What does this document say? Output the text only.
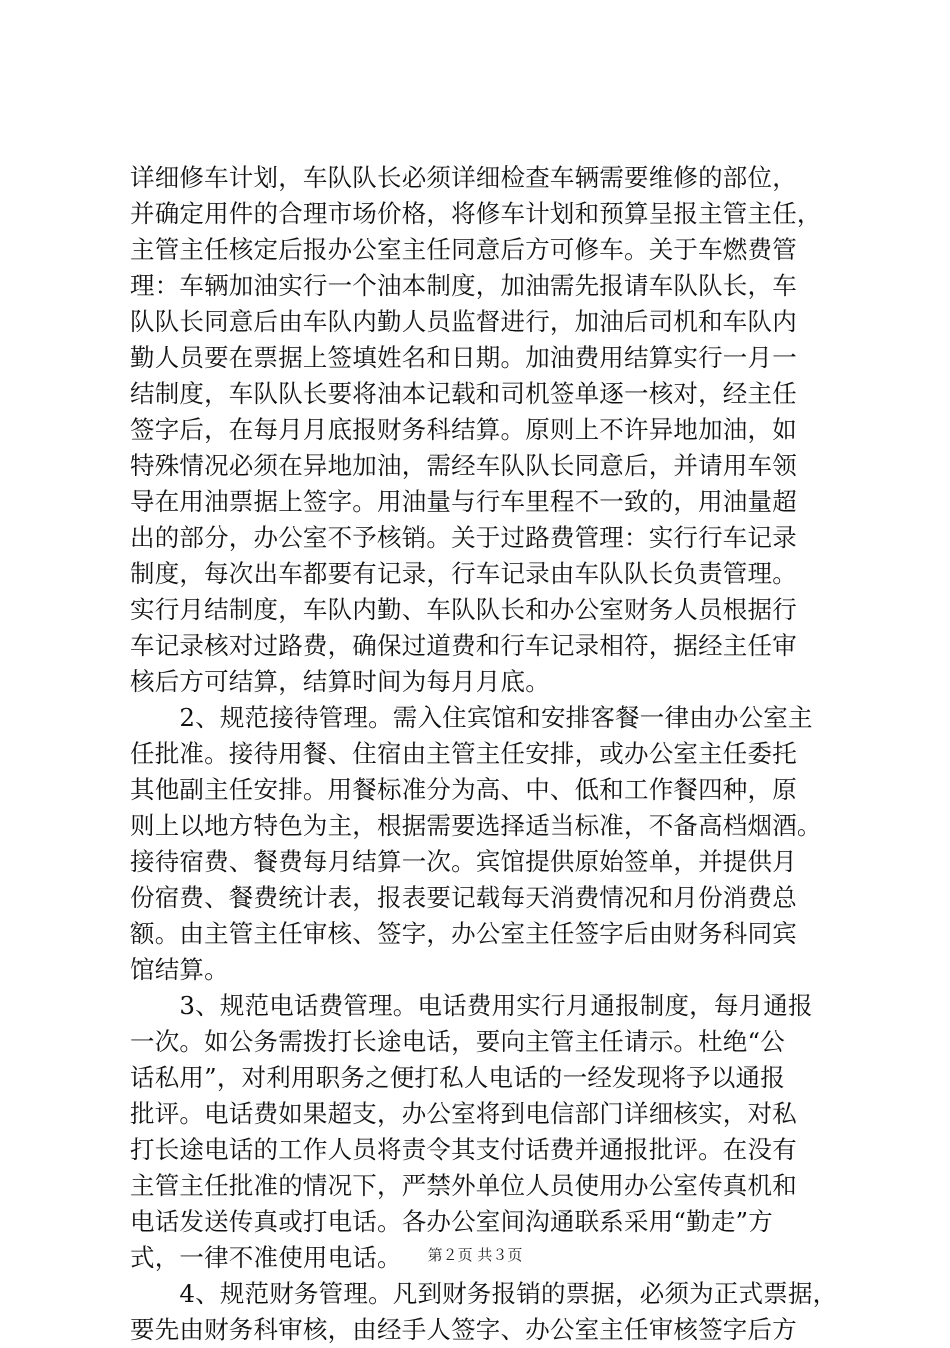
详细修车计划，车队队长必须详细检查车辆需要维修的部位，
并确定用件的合理市场价格，将修车计划和预算呈报主管主任，
主管主任核定后报办公室主任同意后方可修车。关于车燃费管
理：车辆加油实行一个油本制度，加油需先报请车队队长，车
队队长同意后由车队内勤人员监督进行，加油后司机和车队内
勤人员要在票据上签填姓名和日期。加油费用结算实行一月一
结制度，车队队长要将油本记载和司机签单逐一核对，经主任
签字后，在每月月底报财务科结算。原则上不许异地加油，如
特殊情况必须在异地加油，需经车队队长同意后，并请用车领
导在用油票据上签字。用油量与行车里程不一致的，用油量超
出的部分，办公室不予核销。关于过路费管理：实行行车记录
制度，每次出车都要有记录，行车记录由车队队长负责管理。
实行月结制度，车队内勤、车队队长和办公室财务人员根据行
车记录核对过路费，确保过道费和行车记录相符，据经主任审
核后方可结算，结算时间为每月月底。
　　2、规范接待管理。需入住宾馆和安排客餐一律由办公室主
任批准。接待用餐、住宿由主管主任安排，或办公室主任委托
其他副主任安排。用餐标准分为高、中、低和工作餐四种，原
则上以地方特色为主，根据需要选择适当标准，不备高档烟酒。
接待宿费、餐费每月结算一次。宾馆提供原始签单，并提供月
份宿费、餐费统计表，报表要记载每天消费情况和月份消费总
额。由主管主任审核、签字，办公室主任签字后由财务科同宾
馆结算。
　　3、规范电话费管理。电话费用实行月通报制度，每月通报
一次。如公务需拨打长途电话，要向主管主任请示。杜绝“公
话私用”，对利用职务之便打私人电话的一经发现将予以通报
批评。电话费如果超支，办公室将到电信部门详细核实，对私
打长途电话的工作人员将责令其支付话费并通报批评。在没有
主管主任批准的情况下，严禁外单位人员使用办公室传真机和
电话发送传真或打电话。各办公室间沟通联系采用“勤走”方
式，一律不准使用电话。
　　4、规范财务管理。凡到财务报销的票据，必须为正式票据，
要先由财务科审核，由经手人签字、办公室主任审核签字后方
第２页 共３页
